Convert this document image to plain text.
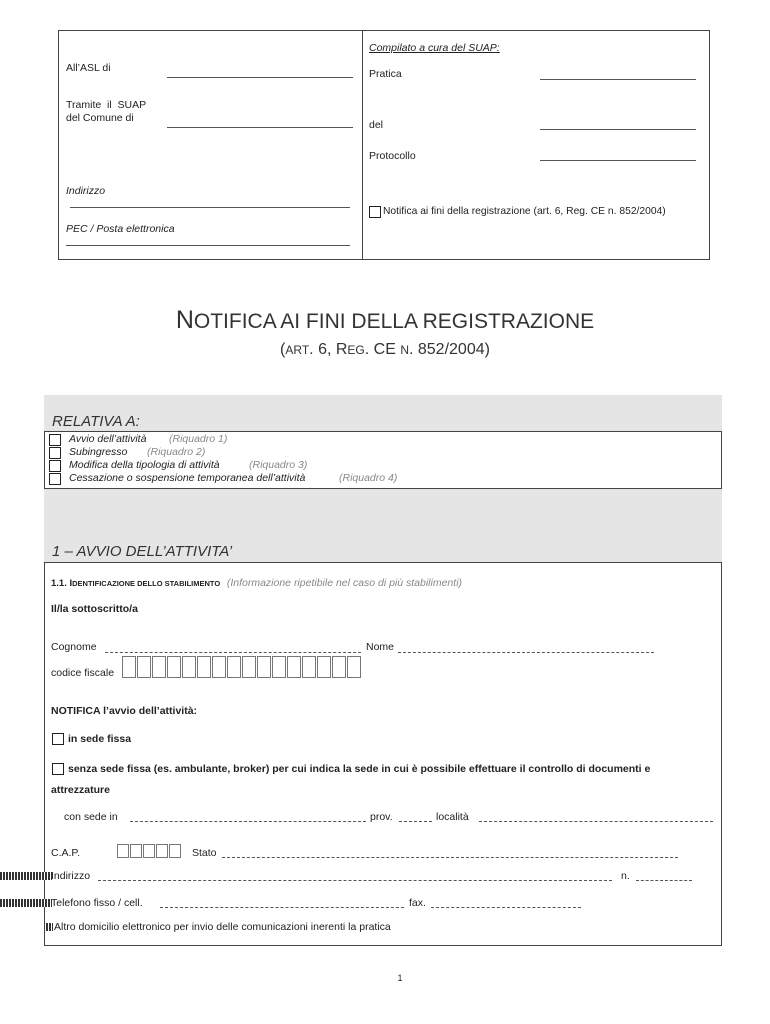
All’ASL di
Tramite  il  SUAP
del Comune di
Indirizzo
PEC / Posta elettronica
Compilato a cura del SUAP:
Pratica
del
Protocollo
Notifica ai fini della registrazione (art. 6, Reg. CE n. 852/2004)
NOTIFICA AI FINI DELLA REGISTRAZIONE
(ART. 6, REG. CE N. 852/2004)
RELATIVA A:
Avvio dell’attività (Riquadro 1)
Subingresso (Riquadro 2)
Modifica della tipologia di attività	(Riquadro 3)
Cessazione o sospensione temporanea dell’attività	(Riquadro 4)
1 – AVVIO DELL’ATTIVITA’
1.1. IDENTIFICAZIONE DELLO STABILIMENTO (Informazione ripetibile nel caso di più stabilimenti)
Il/la sottoscritto/a
Cognome	Nome
codice fiscale
NOTIFICA l’avvio dell’attività:
in sede fissa
senza sede fissa (es. ambulante, broker) per cui indica la sede in cui è possibile effettuare il controllo di documenti e
attrezzature
con sede in	prov.	località
C.A.P.	Stato
Indirizzo	n.
Telefono fisso / cell.	fax.
Altro domicilio elettronico per invio delle comunicazioni inerenti la pratica
1
